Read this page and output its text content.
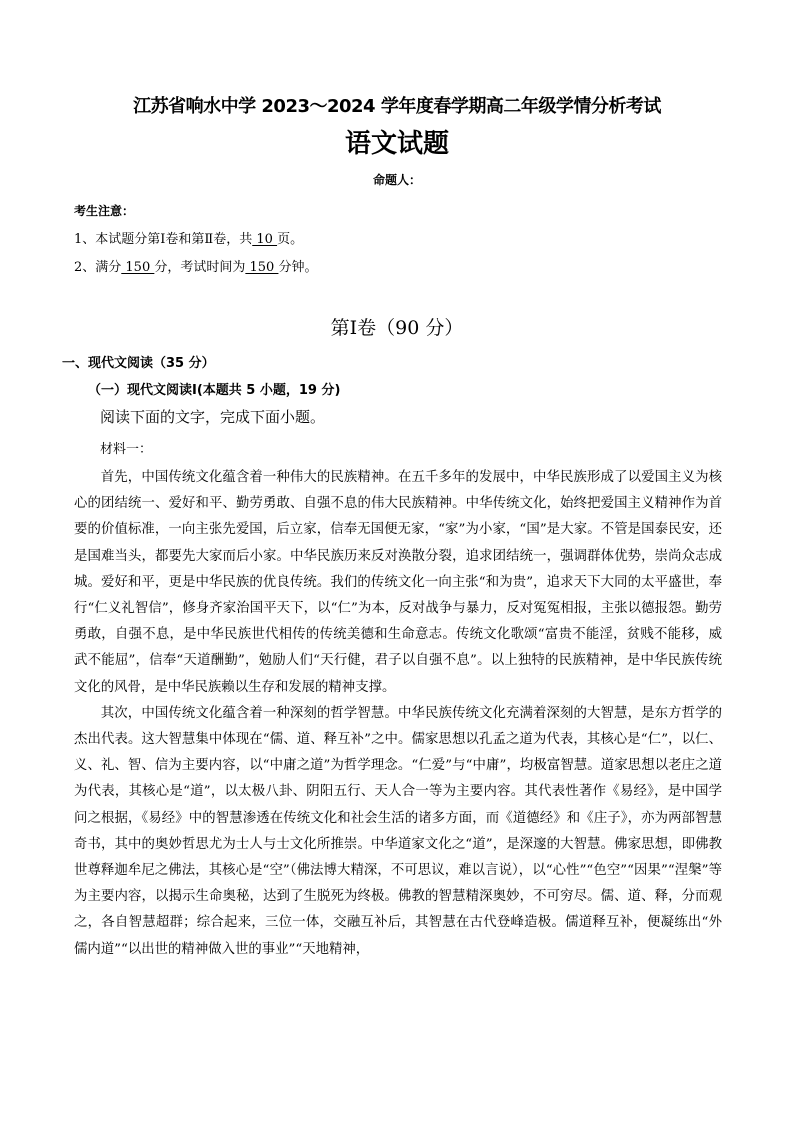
江苏省响水中学 2023～2024 学年度春学期高二年级学情分析考试
语文试题
命题人：
考生注意：
1、本试题分第Ⅰ卷和第Ⅱ卷，共 10 页。
2、满分 150 分，考试时间为 150 分钟。
第Ⅰ卷（90 分）
一、现代文阅读（35 分）
（一）现代文阅读Ⅰ(本题共 5 小题，19 分)
阅读下面的文字，完成下面小题。
材料一：

首先，中国传统文化蕴含着一种伟大的民族精神。在五千多年的发展中，中华民族形成了以爱国主义为核心的团结统一、爱好和平、勤劳勇敢、自强不息的伟大民族精神。中华传统文化，始终把爱国主义精神作为首要的价值标准，一向主张先爱国，后立家，信奉无国便无家，“家”为小家，“国”是大家。不管是国泰民安，还是国难当头，都要先大家而后小家。中华民族历来反对涣散分裂，追求团结统一，强调群体优势，崇尚众志成城。爱好和平，更是中华民族的优良传统。我们的传统文化一向主张“和为贵”，追求天下大同的太平盛世，奉行“仁义礼智信”，修身齐家治国平天下，以“仁”为本，反对战争与暴力，反对冤冤相报，主张以德报怨。勤劳勇敢，自强不息，是中华民族世代相传的传统美德和生命意志。传统文化歌颂“富贵不能淫，贫贱不能移，威武不能屈”，信奉“天道酬勤”，勉励人们“天行健，君子以自强不息”。以上独特的民族精神，是中华民族传统文化的风骨，是中华民族赖以生存和发展的精神支撑。

其次，中国传统文化蕴含着一种深刻的哲学智慧。中华民族传统文化充满着深刻的大智慧，是东方哲学的杰出代表。这大智慧集中体现在“儒、道、释互补”之中。儒家思想以孔孟之道为代表，其核心是“仁”，以仁、义、礼、智、信为主要内容，以“中庸之道”为哲学理念。“仁爱”与“中庸”，均极富智慧。道家思想以老庄之道为代表，其核心是“道”，以太极八卦、阴阳五行、天人合一等为主要内容。其代表性著作《易经》，是中国学问之根据，《易经》中的智慧渗透在传统文化和社会生活的诸多方面，而《道德经》和《庄子》，亦为两部智慧奇书，其中的奥妙哲思尤为士人与士文化所推崇。中华道家文化之“道”，是深邃的大智慧。佛家思想，即佛教世尊释迦牟尼之佛法，其核心是“空”（佛法博大精深，不可思议，难以言说），以“心性”“色空”“因果”“涅槃”等为主要内容，以揭示生命奥秘，达到了生脱死为终极。佛教的智慧精深奥妙，不可穷尽。儒、道、释，分而观之，各自智慧超群；综合起来，三位一体，交融互补后，其智慧在古代登峰造极。儒道释互补，便凝练出“外儒内道”“以出世的精神做入世的事业”“天地精神，
